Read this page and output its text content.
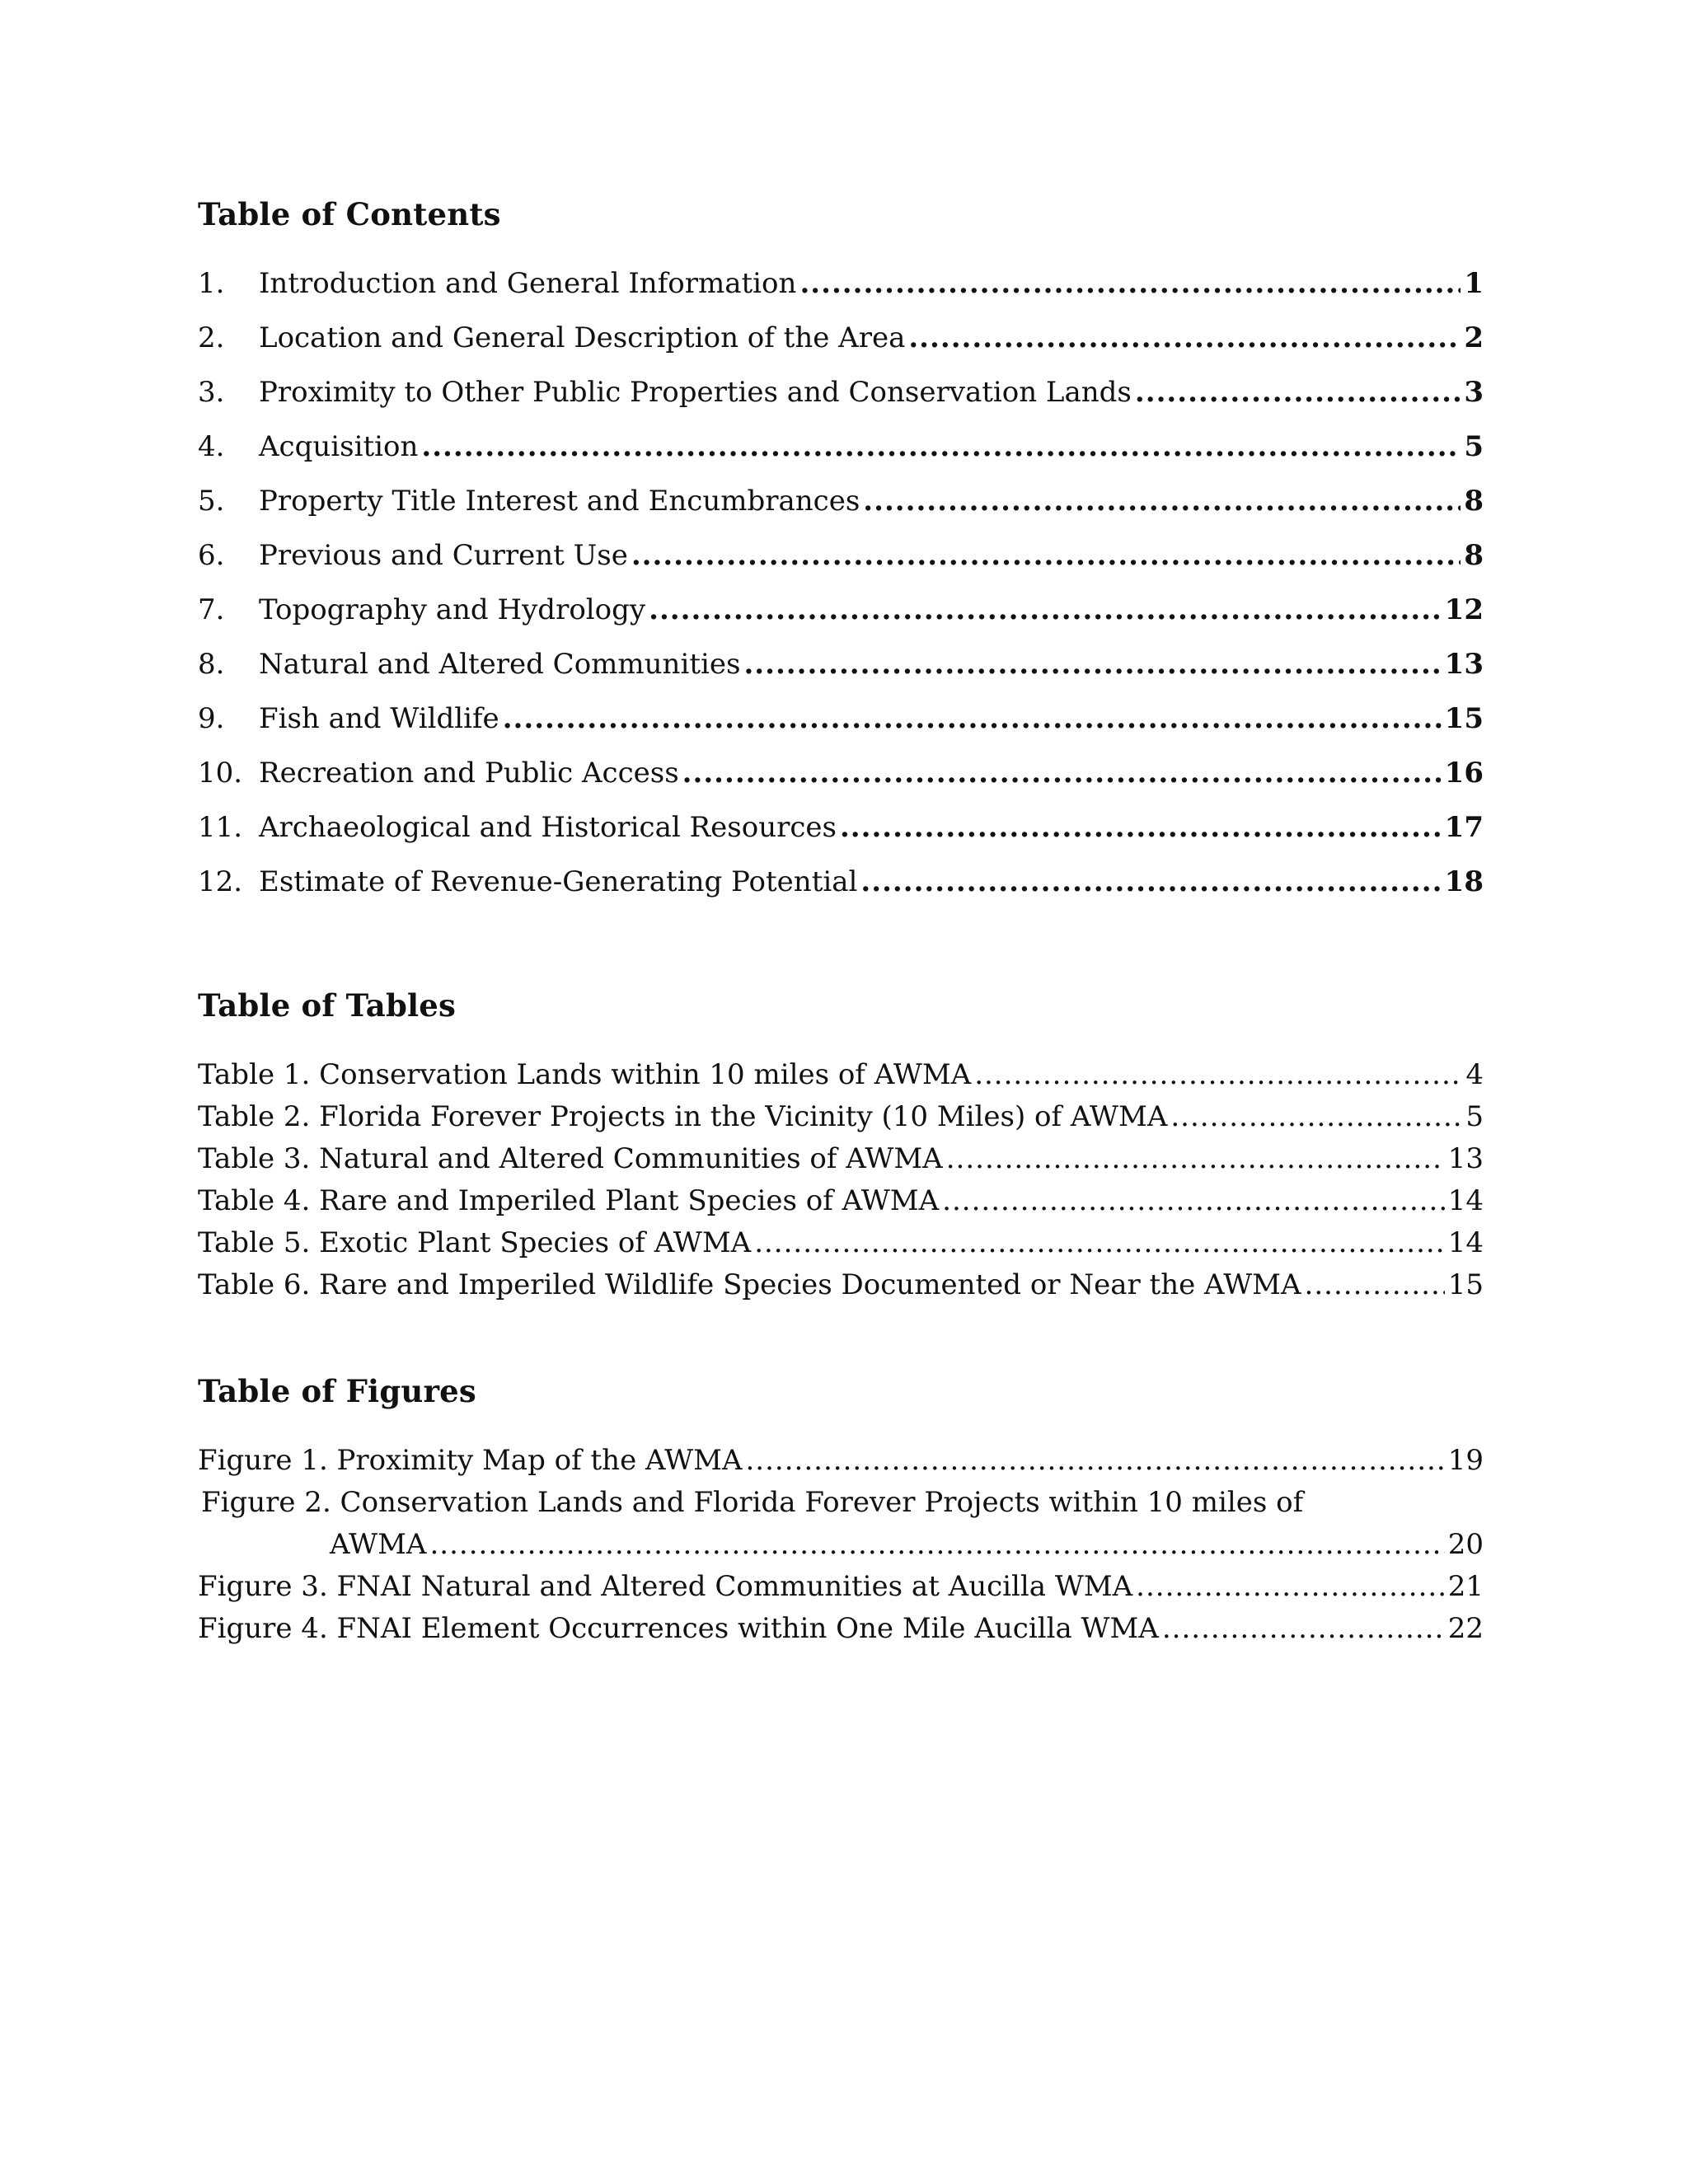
Table of Contents
1.	Introduction and General Information .....	1
2.	Location and General Description of the Area .....	2
3.	Proximity to Other Public Properties and Conservation Lands .....	3
4.	Acquisition .....	5
5.	Property Title Interest and Encumbrances .....	8
6.	Previous and Current Use .....	8
7.	Topography and Hydrology .....	12
8.	Natural and Altered Communities .....	13
9.	Fish and Wildlife .....	15
10. Recreation and Public Access .....	16
11. Archaeological and Historical Resources .....	17
12. Estimate of Revenue-Generating Potential .....	18
Table of Tables
Table 1. Conservation Lands within 10 miles of AWMA .....	4
Table 2. Florida Forever Projects in the Vicinity (10 Miles) of AWMA .....	5
Table 3. Natural and Altered Communities of AWMA .....	13
Table 4. Rare and Imperiled Plant Species of AWMA .....	14
Table 5. Exotic Plant Species of AWMA .....	14
Table 6. Rare and Imperiled Wildlife Species Documented or Near the AWMA .....	15
Table of Figures
Figure 1. Proximity Map of the AWMA .....	19
Figure 2. Conservation Lands and Florida Forever Projects within 10 miles of
AWMA .....	20
Figure 3. FNAI Natural and Altered Communities at Aucilla WMA .....	21
Figure 4. FNAI Element Occurrences within One Mile Aucilla WMA .....	22
